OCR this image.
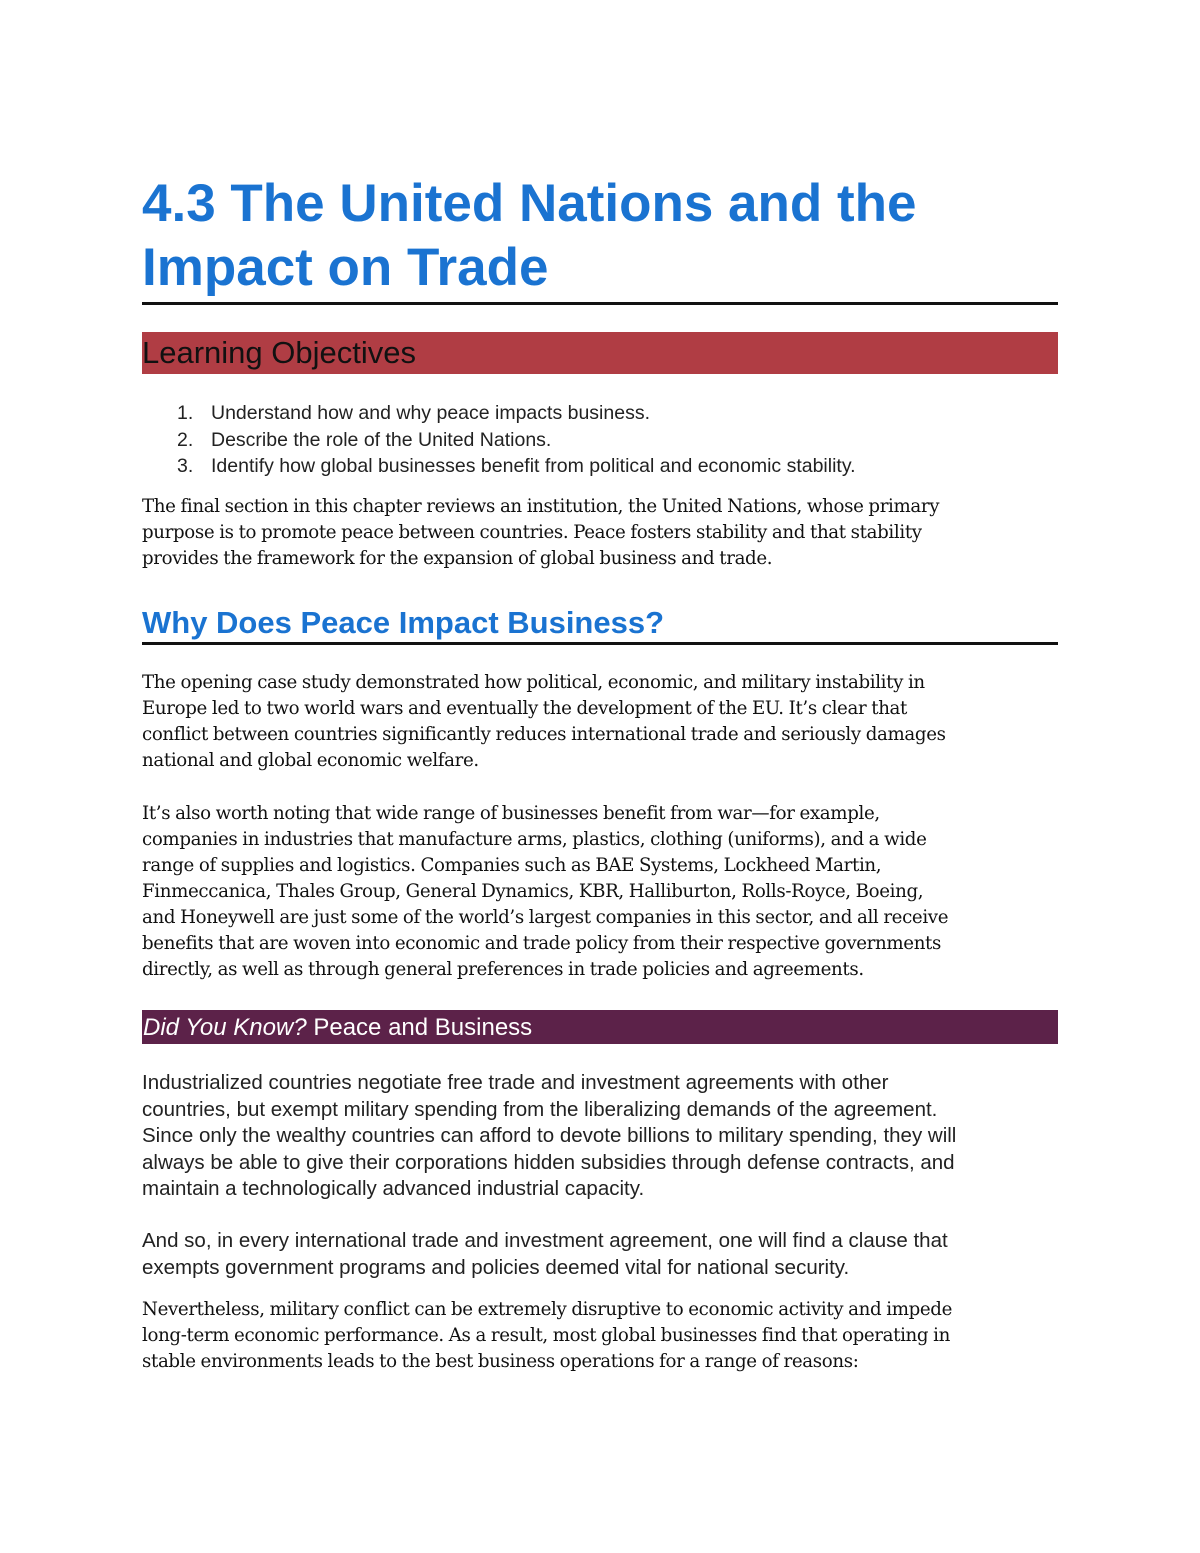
4.3 The United Nations and the Impact on Trade
Learning Objectives
1. Understand how and why peace impacts business.
2. Describe the role of the United Nations.
3. Identify how global businesses benefit from political and economic stability.

The final section in this chapter reviews an institution, the United Nations, whose primary
purpose is to promote peace between countries. Peace fosters stability and that stability
provides the framework for the expansion of global business and trade.

Why Does Peace Impact Business?

The opening case study demonstrated how political, economic, and military instability in
Europe led to two world wars and eventually the development of the EU. It’s clear that
conflict between countries significantly reduces international trade and seriously damages
national and global economic welfare.

It’s also worth noting that wide range of businesses benefit from war—for example,
companies in industries that manufacture arms, plastics, clothing (uniforms), and a wide
range of supplies and logistics. Companies such as BAE Systems, Lockheed Martin,
Finmeccanica, Thales Group, General Dynamics, KBR, Halliburton, Rolls-Royce, Boeing,
and Honeywell are just some of the world’s largest companies in this sector, and all receive
benefits that are woven into economic and trade policy from their respective governments
directly, as well as through general preferences in trade policies and agreements.

Did You Know? Peace and Business

Industrialized countries negotiate free trade and investment agreements with other
countries, but exempt military spending from the liberalizing demands of the agreement.
Since only the wealthy countries can afford to devote billions to military spending, they will
always be able to give their corporations hidden subsidies through defense contracts, and
maintain a technologically advanced industrial capacity.

And so, in every international trade and investment agreement, one will find a clause that
exempts government programs and policies deemed vital for national security.

Nevertheless, military conflict can be extremely disruptive to economic activity and impede
long-term economic performance. As a result, most global businesses find that operating in
stable environments leads to the best business operations for a range of reasons:
